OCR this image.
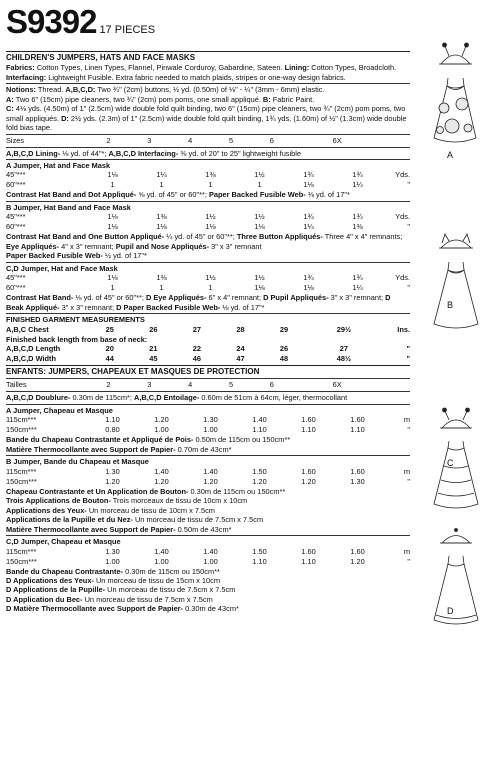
S9392 17 PIECES
CHILDREN'S JUMPERS, HATS AND FACE MASKS
Fabrics: Cotton Types, Linen Types, Flannel, Pinwale Corduroy, Gabardine, Sateen. Lining: Cotton Types, Broadcloth. Interfacing: Lightweight Fusible. Extra fabric needed to match plaids, stripes or one-way design fabrics.
Notions: Thread. A,B,C,D: Two ¾" (2cm) buttons, ½ yd. (0.50m) of ⅛" - ¼" (3mm - 6mm) elastic.
A: Two 6" (15cm) pipe cleaners, two ¾" (2cm) pom poms, one small appliqué. B: Fabric Paint.
C: 4⅛ yds. (4.50m) of 1" (2.5cm) wide double fold quilt binding, two 6" (15cm) pipe cleaners, two ¾" (2cm) pom poms, two small appliqués. D: 2½ yds. (2.3m) of 1" (2.5cm) wide double fold quilt binding, 1¾ yds. (1.60m) of ½" (1.3cm) wide double fold bias tape.
Sizes	2	3	4	5	6	6X	
A,B,C,D Lining- ⅛ yd. of 44"*; A,B,C,D Interfacing- ⅜ yd. of 20" to 25" lightweight fusible
A Jumper, Hat and Face Mask
45"***	1⅛	1¼	1⅜	1½	1¾	1¾	Yds.
60"***	1	1	1	1	1⅛	1¼	"
Contrast Hat Band and Dot Appliqué- ⅝ yd. of 45" or 60"**; Paper Backed Fusible Web- ⅜ yd. of 17"*
B Jumper, Hat Band and Face Mask
45"***	1⅛	1⅜	1½	1½	1¾	1¾	Yds.
60"***	1⅛	1⅛	1⅛	1⅛	1¼	1⅜	"
Contrast Hat Band and One Button Appliqué- ¼ yd. of 45" or 60"**; Three Button Appliqués- Three 4" x 4" remnants; Eye Appliqués- 4" x 3" remnant; Pupil and Nose Appliqués- 3" x 3" remnant
Paper Backed Fusible Web- ½ yd. of 17"*
C,D Jumper, Hat and Face Mask
45"***	1⅛	1⅜	1½	1½	1¾	1¾	Yds.
60"***	1	1	1	1⅛	1⅛	1¼	"
Contrast Hat Band- ⅛ yd. of 45" or 60"**; D Eye Appliqués- 6" x 4" remnant; D Pupil Appliqués- 3" x 3" remnant; D Beak Appliqué- 3" x 3" remnant; D Paper Backed Fusible Web- ⅛ yd. of 17"*
FINISHED GARMENT MEASUREMENTS
A,B,C Chest	25	26	27	28	29	29½	Ins.
Finished back length from base of neck:
A,B,C,D Length	20	21	22	24	26	27	"
A,B,C,D Width	44	45	46	47	48	48½	"
ENFANTS: JUMPERS, CHAPEAUX ET MASQUES DE PROTECTION
Tailles	2	3	4	5	6	6X	
A,B,C,D Doublure- 0.30m de 115cm*; A,B,C,D Entoilage- 0.60m de 51cm à 64cm, léger, thermocollant
A Jumper, Chapeau et Masque
115cm***	1.10	1.20	1.30	1.40	1.60	1.60	m
150cm***	0.80	1.00	1.00	1.10	1.10	1.10	"
Bande du Chapeau Contrastante et Appliqué de Pois- 0.50m de 115cm ou 150cm**
Matière Thermocollante avec Support de Papier- 0.70m de 43cm*
B Jumper, Bande du Chapeau et Masque
115cm***	1.30	1.40	1.40	1.50	1.60	1.60	m
150cm***	1.20	1.20	1.20	1.20	1.20	1.30	"
Chapeau Contrastante et Un Application de Bouton- 0.30m de 115cm ou 150cm**
Trois Applications de Bouton- Trois morceaux de tissu de 10cm x 10cm
Applications des Yeux- Un morceau de tissu de 10cm x 7.5cm
Applications de la Pupille et du Nez- Un morceau de tissu de 7.5cm x 7.5cm
Matière Thermocollante avec Support de Papier- 0.50m de 43cm*
C,D Jumper, Chapeau et Masque
115cm***	1.30	1.40	1.40	1.50	1.60	1.60	m
150cm***	1.00	1.00	1.00	1.10	1.10	1.20	"
Bande du Chapeau Contrastante- 0.30m de 115cm ou 150cm**
D Applications des Yeux- Un morceau de tissu de 15cm x 10cm
D Applications de la Pupille- Un morceau de tissu de 7.5cm x 7.5cm
D Application du Bec- Un morceau de tissu de 7.5cm x 7.5cm
D Matière Thermocollante avec Support de Papier- 0.30m de 43cm*
A
B
C
D
